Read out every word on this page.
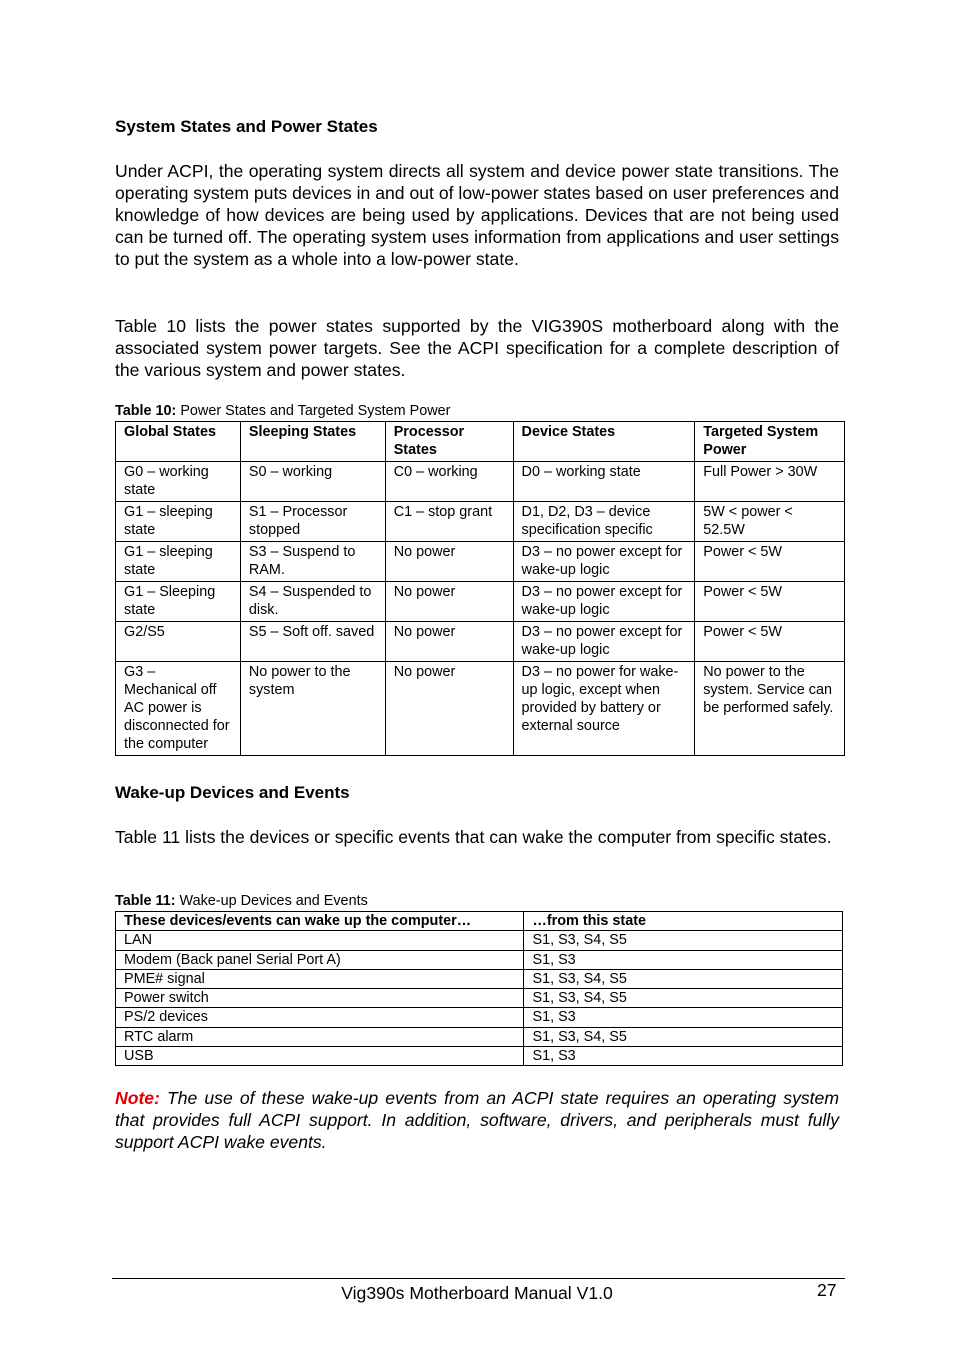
System States and Power States

Under ACPI, the operating system directs all system and device power state transitions. The operating system puts devices in and out of low-power states based on user preferences and knowledge of how devices are being used by applications. Devices that are not being used can be turned off. The operating system uses information from applications and user settings to put the system as a whole into a low-power state.

Table 10 lists the power states supported by the VIG390S motherboard along with the associated system power targets. See the ACPI specification for a complete description of the various system and power states.

Table 10: Power States and Targeted System Power

Global States	Sleeping States	Processor States	Device States	Targeted System Power
G0 – working state	S0 – working	C0 – working	D0 – working state	Full Power > 30W
G1 – sleeping state	S1 – Processor stopped	C1 – stop grant	D1, D2, D3 – device specification specific	5W < power < 52.5W
G1 – sleeping state	S3 – Suspend to RAM.	No power	D3 – no power except for wake-up logic	Power < 5W
G1 – Sleeping state	S4 – Suspended to disk.	No power	D3 – no power except for wake-up logic	Power < 5W
G2/S5	S5 – Soft off. saved	No power	D3 – no power except for wake-up logic	Power < 5W
G3 – Mechanical off AC power is disconnected for the computer	No power to the system	No power	D3 – no power for wake-up logic, except when provided by battery or external source	No power to the system. Service can be performed safely.
Wake-up Devices and Events

Table 11 lists the devices or specific events that can wake the computer from specific states.

Table 11: Wake-up Devices and Events

These devices/events can wake up the computer…	…from this state
LAN	S1, S3, S4, S5
Modem (Back panel Serial Port A)	S1, S3
PME# signal	S1, S3, S4, S5
Power switch	S1, S3, S4, S5
PS/2 devices	S1, S3
RTC alarm	S1, S3, S4, S5
USB	S1, S3

Note: The use of these wake-up events from an ACPI state requires an operating system that provides full ACPI support. In addition, software, drivers, and peripherals must fully support ACPI wake events.

Vig390s Motherboard Manual V1.0	27
